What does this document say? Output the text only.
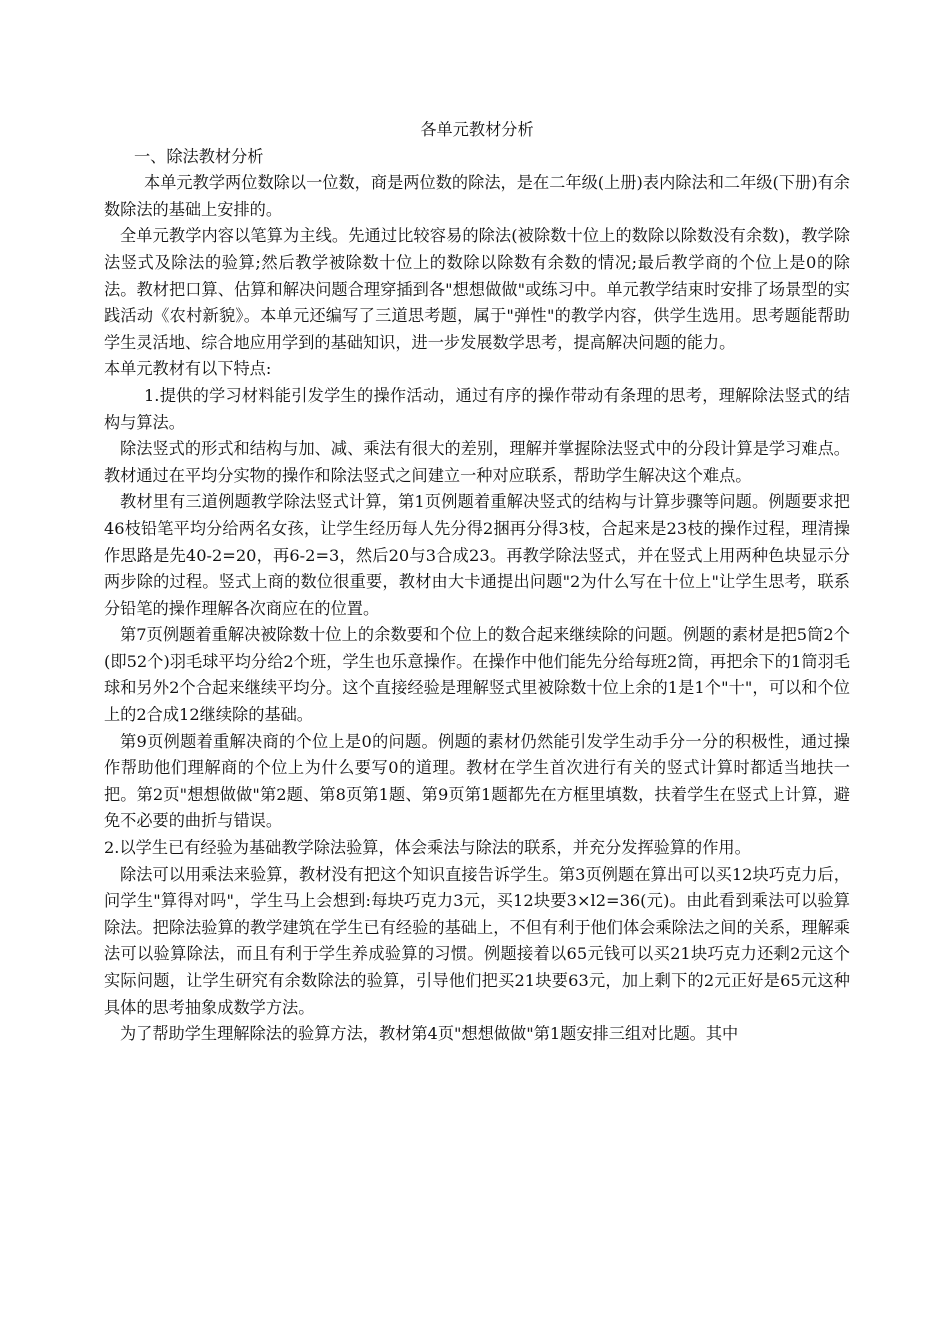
各单元教材分析

一、除法教材分析

本单元教学两位数除以一位数，商是两位数的除法，是在二年级(上册)表内除法和二年级(下册)有余数除法的基础上安排的。

全单元教学内容以笔算为主线。先通过比较容易的除法(被除数十位上的数除以除数没有余数)，教学除法竖式及除法的验算;然后教学被除数十位上的数除以除数有余数的情况;最后教学商的个位上是0的除法。教材把口算、估算和解决问题合理穿插到各"想想做做"或练习中。单元教学结束时安排了场景型的实践活动《农村新貌》。本单元还编写了三道思考题，属于"弹性"的教学内容，供学生选用。思考题能帮助学生灵活地、综合地应用学到的基础知识，进一步发展数学思考，提高解决问题的能力。

本单元教材有以下特点:

1.提供的学习材料能引发学生的操作活动，通过有序的操作带动有条理的思考，理解除法竖式的结构与算法。

除法竖式的形式和结构与加、减、乘法有很大的差别，理解并掌握除法竖式中的分段计算是学习难点。教材通过在平均分实物的操作和除法竖式之间建立一种对应联系，帮助学生解决这个难点。

教材里有三道例题教学除法竖式计算，第1页例题着重解决竖式的结构与计算步骤等问题。例题要求把46枝铅笔平均分给两名女孩，让学生经历每人先分得2捆再分得3枝，合起来是23枝的操作过程，理清操作思路是先40-2=20，再6-2=3，然后20与3合成23。再教学除法竖式，并在竖式上用两种色块显示分两步除的过程。竖式上商的数位很重要，教材由大卡通提出问题"2为什么写在十位上"让学生思考，联系分铅笔的操作理解各次商应在的位置。

第7页例题着重解决被除数十位上的余数要和个位上的数合起来继续除的问题。例题的素材是把5筒2个(即52个)羽毛球平均分给2个班，学生也乐意操作。在操作中他们能先分给每班2筒，再把余下的1筒羽毛球和另外2个合起来继续平均分。这个直接经验是理解竖式里被除数十位上余的1是1个"十"，可以和个位上的2合成12继续除的基础。

第9页例题着重解决商的个位上是0的问题。例题的素材仍然能引发学生动手分一分的积极性，通过操作帮助他们理解商的个位上为什么要写0的道理。教材在学生首次进行有关的竖式计算时都适当地扶一把。第2页"想想做做"第2题、第8页第1题、第9页第1题都先在方框里填数，扶着学生在竖式上计算，避免不必要的曲折与错误。

2.以学生已有经验为基础教学除法验算，体会乘法与除法的联系，并充分发挥验算的作用。

除法可以用乘法来验算，教材没有把这个知识直接告诉学生。第3页例题在算出可以买12块巧克力后，问学生"算得对吗"，学生马上会想到:每块巧克力3元，买12块要3×l2=36(元)。由此看到乘法可以验算除法。把除法验算的教学建筑在学生已有经验的基础上，不但有利于他们体会乘除法之间的关系，理解乘法可以验算除法，而且有利于学生养成验算的习惯。例题接着以65元钱可以买21块巧克力还剩2元这个实际问题，让学生研究有余数除法的验算，引导他们把买21块要63元，加上剩下的2元正好是65元这种具体的思考抽象成数学方法。

为了帮助学生理解除法的验算方法，教材第4页"想想做做"第1题安排三组对比题。其中
